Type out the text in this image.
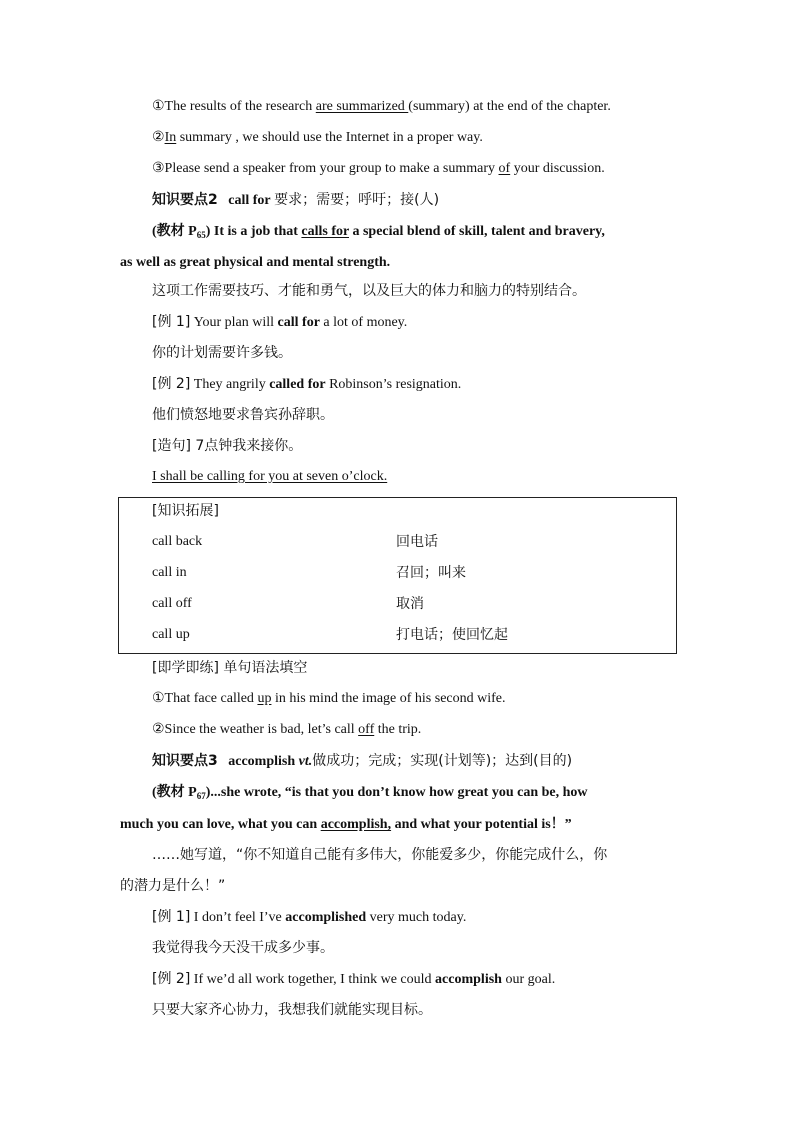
①The results of the research are summarized (summary) at the end of the chapter.
②In summary , we should use the Internet in a proper way.
③Please send a speaker from your group to make a summary of your discussion.
知识要点2 call for 要求；需要；呼吁；接(人)
(教材 $P_{65}$) It is a job that calls for a special blend of skill, talent and bravery,
as well as great physical and mental strength.
这项工作需要技巧、才能和勇气，以及巨大的体力和脑力的特别结合。
[例 1] Your plan will call for a lot of money.
你的计划需要许多钱。
[例 2] They angrily called for Robinson’s resignation.
他们愤怒地要求鲁宾孙辞职。
[造句] 7点钟我来接你。
I shall be calling for you at seven o’clock.
[知识拓展]
call back	回电话
call in	召回；叫来
call off	取消
call up	打电话；使回忆起
[即学即练] 单句语法填空
①That face called up in his mind the image of his second wife.
②Since the weather is bad, let’s call off the trip.
知识要点3 accomplish vt.做成功；完成；实现(计划等)；达到(目的)
(教材 $P_{67})...she$ wrote, “is that you don’t know how great you can be, how
much you can love, what you can accomplish, and what your potential is！”
……她写道，“你不知道自己能有多伟大，你能爱多少，你能完成什么，你
的潜力是什么！”
[例 1] I don’t feel I’ve accomplished very much today.
我觉得我今天没干成多少事。
[例 2] If we’d all work together, I think we could accomplish our goal.
只要大家齐心协力，我想我们就能实现目标。
